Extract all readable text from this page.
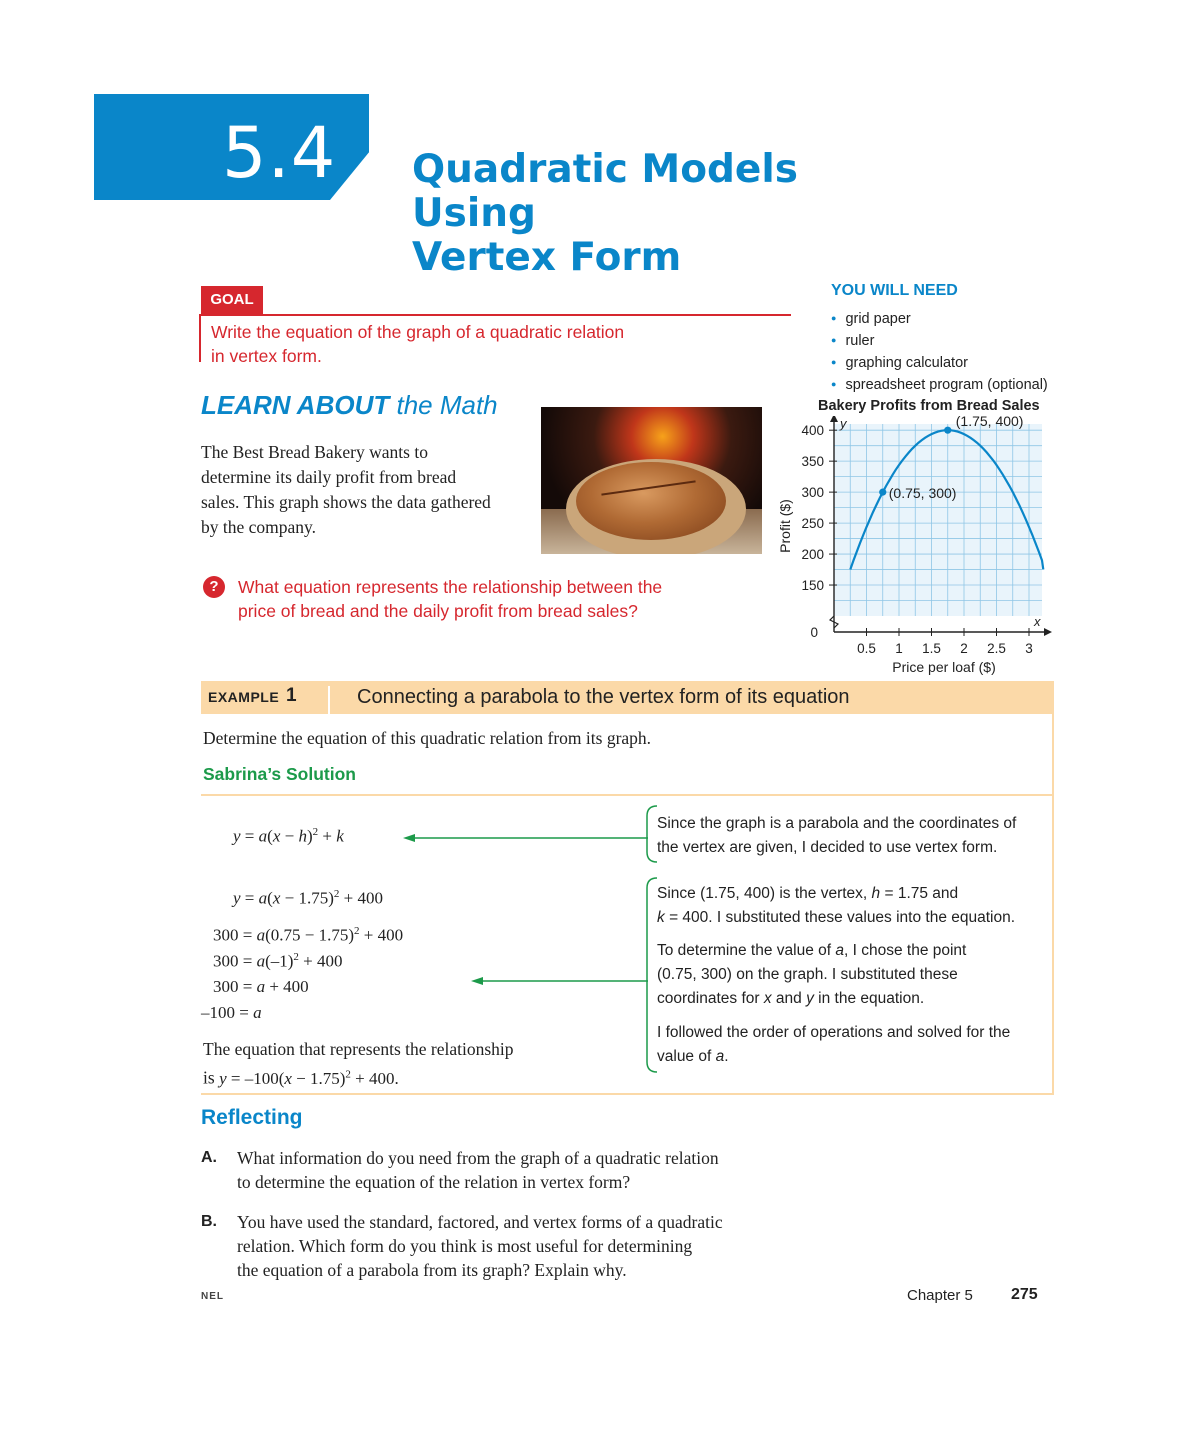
5.4 Quadratic Models Using
Vertex Form
GOAL
Write the equation of the graph of a quadratic relation
in vertex form.
YOU WILL NEED
● grid paper
● ruler
● graphing calculator
● spreadsheet program (optional)
LEARN ABOUT the Math
The Best Bread Bakery wants to
determine its daily profit from bread
sales. This graph shows the data gathered
by the company.
?	What equation represents the relationship between the
price of bread and the daily profit from bread sales?
Bakery Profits from Bread Sales
y
x
150
200
250
300
350
400
0
0.5 1 1.5 2 2.5 3
Price per loaf ($)
Profit ($)
(0.75, 300)
(1.75, 400)
EXAMPLE 1	Connecting a parabola to the vertex form of its equation
Determine the equation of this quadratic relation from its graph.
Sabrina’s Solution
$y = a(x - h)^2 + k$
$y = a(x - 1.75)^2 + 400$
$300 = a(0.75 - 1.75)^2 + 400$
$300 = a(-1)^2 + 400$
300 = a + 400
–100 = a
The equation that represents the relationship
is $y = -100(x - 1.75)^2 + 400$.
Since the graph is a parabola and the coordinates of
the vertex are given, I decided to use vertex form.
Since (1.75, 400) is the vertex, h = 1.75 and
k = 400. I substituted these values into the equation.
To determine the value of a, I chose the point
(0.75, 300) on the graph. I substituted these
coordinates for x and y in the equation.
I followed the order of operations and solved for the
value of a.
Reflecting
A. What information do you need from the graph of a quadratic relation
to determine the equation of the relation in vertex form?
B. You have used the standard, factored, and vertex forms of a quadratic
relation. Which form do you think is most useful for determining
the equation of a parabola from its graph? Explain why.
NEL	Chapter 5 275
